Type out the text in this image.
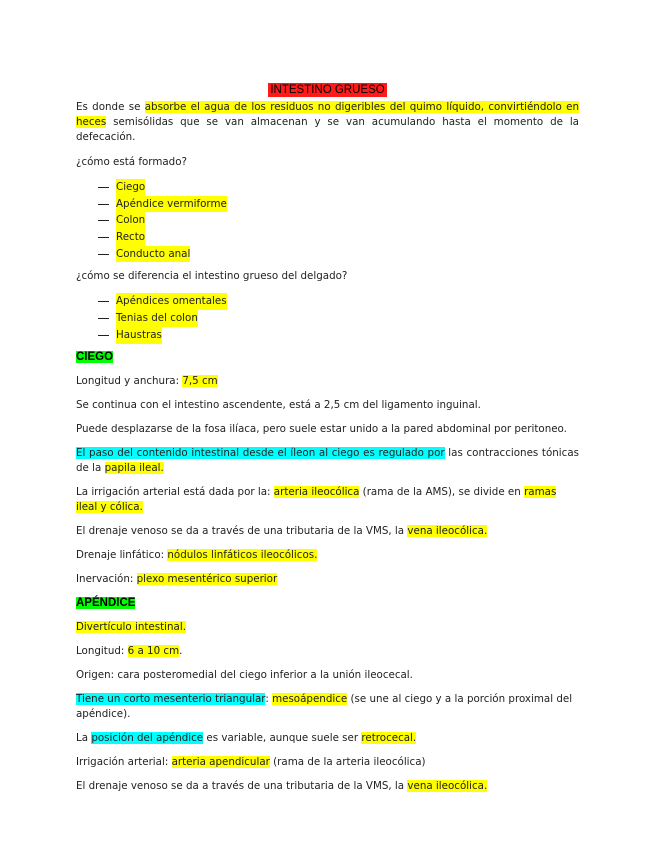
INTESTINO GRUESO

Es donde se absorbe el agua de los residuos no digeribles del quimo líquido, convirtiéndolo en heces semisólidas que se van almacenan y se van acumulando hasta el momento de la defecación.

¿cómo está formado?

Ciego
Apéndice vermiforme
Colon
Recto
Conducto anal

¿cómo se diferencia el intestino grueso del delgado?

Apéndices omentales
Tenias del colon
Haustras

CIEGO

Longitud y anchura: 7,5 cm

Se continua con el intestino ascendente, está a 2,5 cm del ligamento inguinal.

Puede desplazarse de la fosa ilíaca, pero suele estar unido a la pared abdominal por peritoneo.

El paso del contenido intestinal desde el íleon al ciego es regulado por las contracciones tónicas de la papila ileal.

La irrigación arterial está dada por la: arteria ileocólica (rama de la AMS), se divide en ramas ileal y cólica.

El drenaje venoso se da a través de una tributaria de la VMS, la vena ileocólica.

Drenaje linfático: nódulos linfáticos ileocólicos.

Inervación: plexo mesentérico superior

APÉNDICE

Divertículo intestinal.

Longitud: 6 a 10 cm.

Origen: cara posteromedial del ciego inferior a la unión ileocecal.

Tiene un corto mesenterio triangular: mesoápendice (se une al ciego y a la porción proximal del apéndice).

La posición del apéndice es variable, aunque suele ser retrocecal.

Irrigación arterial: arteria apendicular (rama de la arteria ileocólica)

El drenaje venoso se da a través de una tributaria de la VMS, la vena ileocólica.
